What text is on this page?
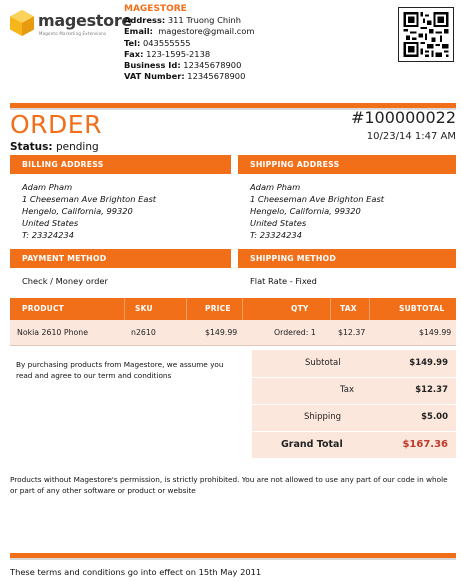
magestore
Magento Marketing Extensions
MAGESTORE
Address: 311 Truong Chinh
Email: magestore@gmail.com
Tel: 043555555
Fax: 123-1595-2138
Business Id: 12345678900
VAT Number: 12345678900
ORDER
Status: pending
#100000022
10/23/14 1:47 AM
BILLING ADDRESS	SHIPPING ADDRESS
Adam Pham
1 Cheeseman Ave Brighton East
Hengelo, California, 99320
United States
T: 23324234
Adam Pham
1 Cheeseman Ave Brighton East
Hengelo, California, 99320
United States
T: 23324234
PAYMENT METHOD	SHIPPING METHOD
Check / Money order	Flat Rate - Fixed
PRODUCT	SKU	PRICE	QTY	TAX	SUBTOTAL
Nokia 2610 Phone	n2610	$149.99	Ordered: 1	$12.37	$149.99
By purchasing products from Magestore, we assume you read and agree to our term and conditions
Subtotal	$149.99
Tax	$12.37
Shipping	$5.00
Grand Total	$167.36
Products without Magestore's permission, is strictly prohibited. You are not allowed to use any part of our code in whole or part of any other software or product or website
These terms and conditions go into effect on 15th May 2011
